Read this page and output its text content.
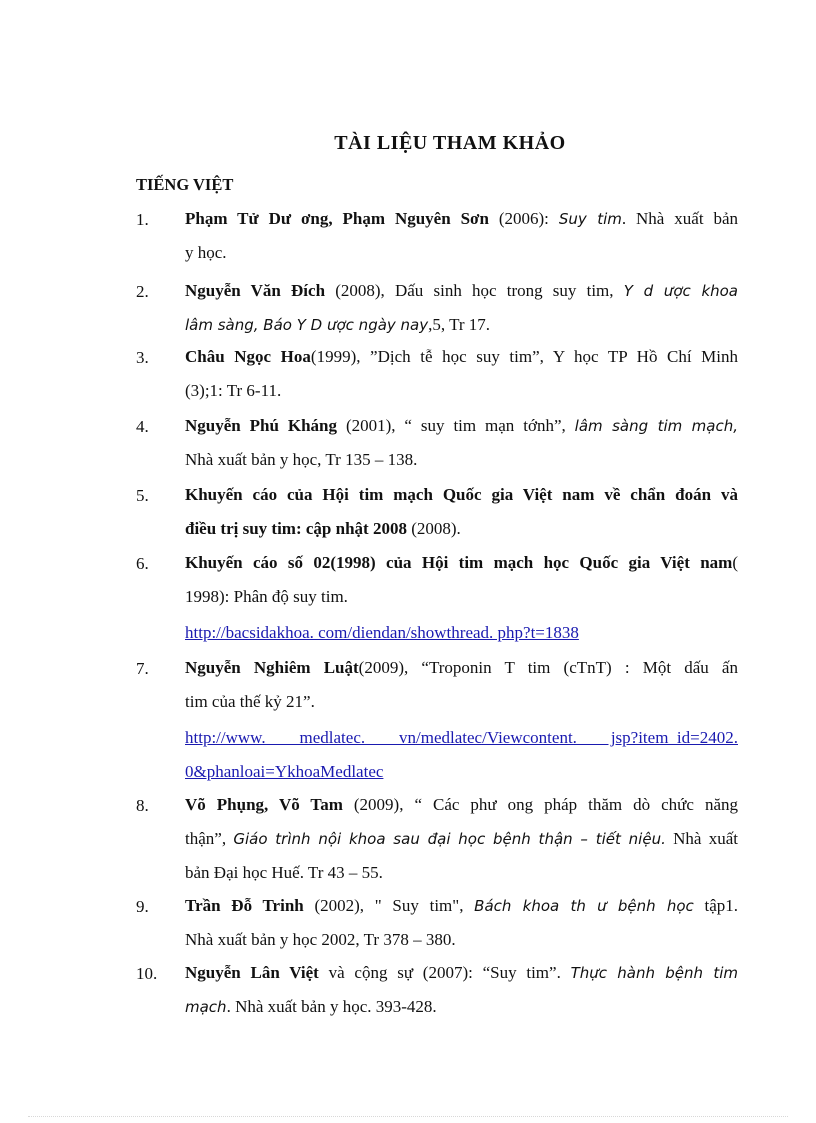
TÀI LIỆU THAM KHẢO
TIẾNG VIỆT
1. Phạm Tử Dư ơng, Phạm Nguyên Sơn (2006): Suy tim. Nhà xuất bản
y học.
2. Nguyễn Văn Đích (2008), Dấu sinh học trong suy tim, Y d ược khoa
lâm sàng, Báo Y D ược ngày nay,5, Tr 17.
3. Châu Ngọc Hoa(1999), ”Dịch tễ học suy tim”, Y học TP Hồ Chí Minh
(3);1: Tr 6-11.
4. Nguyễn Phú Kháng (2001), “ suy tim mạn tớnh”, lâm sàng tim mạch,
Nhà xuất bản y học, Tr 135 – 138.
5. Khuyến cáo của Hội tim mạch Quốc gia Việt nam về chẩn đoán và
điều trị suy tim: cập nhật 2008 (2008).
6. Khuyến cáo số 02(1998) của Hội tim mạch học Quốc gia Việt nam(
1998): Phân độ suy tim.
http://bacsidakhoa. com/diendan/showthread. php?t=1838
7. Nguyễn Nghiêm Luật(2009), “Troponin T tim (cTnT) : Một dấu ấn
tim của thế kỷ 21”.
http://www. medlatec. vn/medlatec/Viewcontent. jsp?item_id=2402.
0&phanloai=YkhoaMedlatec
8. Võ Phụng, Võ Tam (2009), “ Các phư ong pháp thăm dò chức năng
thận”, Giáo trình nội khoa sau đại học bệnh thận – tiết niệu. Nhà xuất
bản Đại học Huế. Tr 43 – 55.
9. Trần Đỗ Trinh (2002), " Suy tim", Bách khoa th ư bệnh học tập1.
Nhà xuất bản y học 2002, Tr 378 – 380.
10. Nguyễn Lân Việt và cộng sự (2007): “Suy tim”. Thực hành bệnh tim
mạch. Nhà xuất bản y học. 393-428.
